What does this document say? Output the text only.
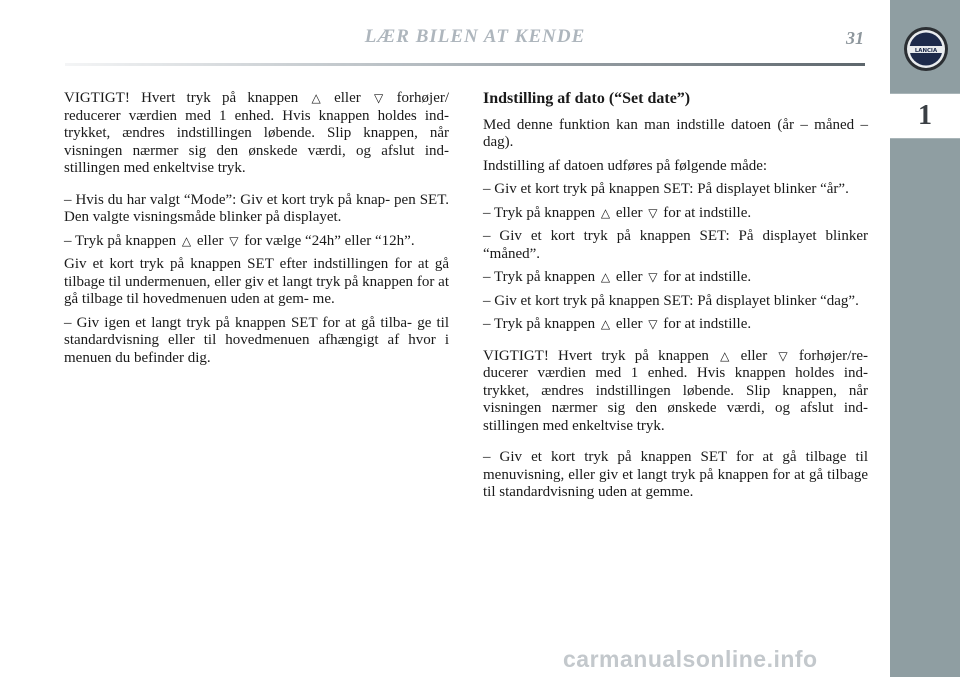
LÆR BILEN AT KENDE	31
LANCIA
1

VIGTIGT! Hvert tryk på knappen △ eller ▽ forhøjer/ reducerer værdien med 1 enhed. Hvis knappen holdes ind- trykket, ændres indstillingen løbende. Slip knappen, når visningen nærmer sig den ønskede værdi, og afslut ind- stillingen med enkeltvise tryk.

– Hvis du har valgt “Mode”: Giv et kort tryk på knap- pen SET. Den valgte visningsmåde blinker på displayet.

– Tryk på knappen △ eller ▽ for vælge “24h” eller “12h”.

Giv et kort tryk på knappen SET efter indstillingen for at gå tilbage til undermenuen, eller giv et langt tryk på knappen for at gå tilbage til hovedmenuen uden at gem- me.

– Giv igen et langt tryk på knappen SET for at gå tilba- ge til standardvisning eller til hovedmenuen afhængigt af hvor i menuen du befinder dig.

Indstilling af dato (“Set date”)

Med denne funktion kan man indstille datoen (år – måned – dag).

Indstilling af datoen udføres på følgende måde:

– Giv et kort tryk på knappen SET: På displayet blinker “år”.

– Tryk på knappen △ eller ▽ for at indstille.

– Giv et kort tryk på knappen SET: På displayet blinker “måned”.

– Tryk på knappen △ eller ▽ for at indstille.

– Giv et kort tryk på knappen SET: På displayet blinker “dag”.

– Tryk på knappen △ eller ▽ for at indstille.

VIGTIGT! Hvert tryk på knappen △ eller ▽ forhøjer/re- ducerer værdien med 1 enhed. Hvis knappen holdes ind- trykket, ændres indstillingen løbende. Slip knappen, når visningen nærmer sig den ønskede værdi, og afslut ind- stillingen med enkeltvise tryk.

– Giv et kort tryk på knappen SET for at gå tilbage til menuvisning, eller giv et langt tryk på knappen for at gå tilbage til standardvisning uden at gemme.

carmanualsonline.info
